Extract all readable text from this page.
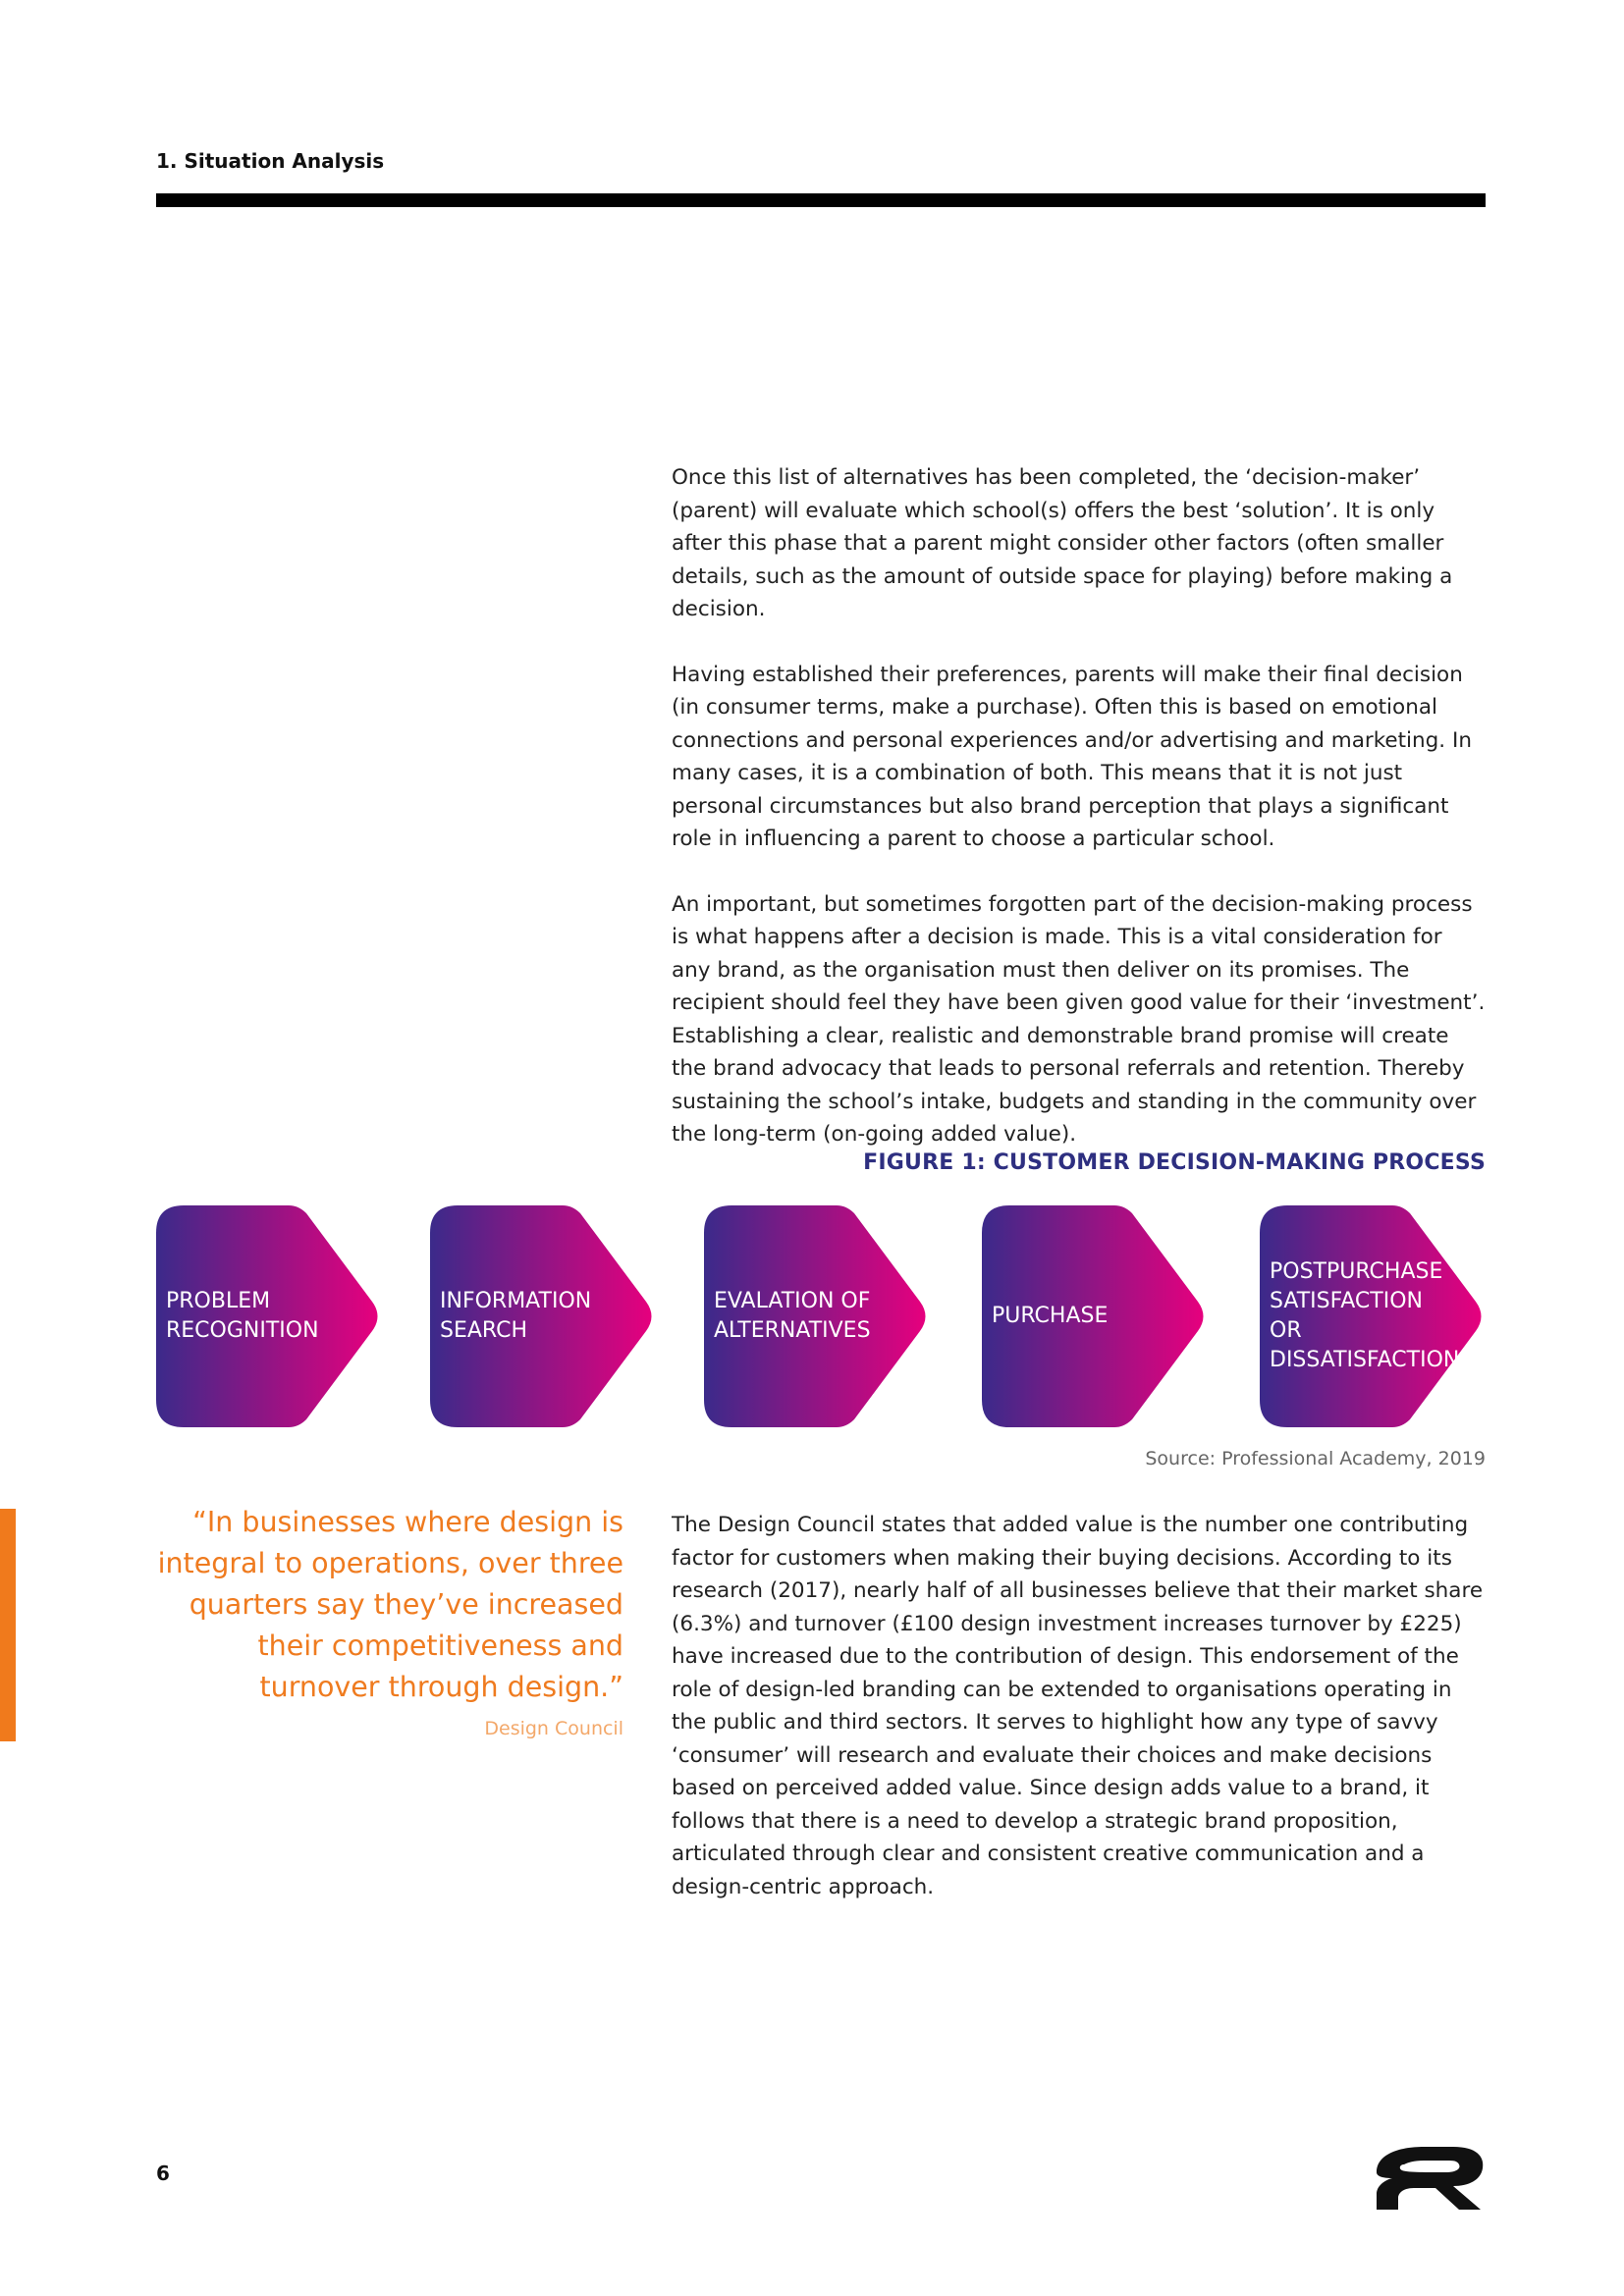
1. Situation Analysis

Once this list of alternatives has been completed, the ‘decision-maker’ (parent) will evaluate which school(s) offers the best ‘solution’. It is only after this phase that a parent might consider other factors (often smaller details, such as the amount of outside space for playing) before making a decision.

Having established their preferences, parents will make their final decision (in consumer terms, make a purchase). Often this is based on emotional connections and personal experiences and/or advertising and marketing. In many cases, it is a combination of both. This means that it is not just personal circumstances but also brand perception that plays a significant role in influencing a parent to choose a particular school.

An important, but sometimes forgotten part of the decision-making process is what happens after a decision is made. This is a vital consideration for any brand, as the organisation must then deliver on its promises. The recipient should feel they have been given good value for their ‘investment’. Establishing a clear, realistic and demonstrable brand promise will create the brand advocacy that leads to personal referrals and retention. Thereby sustaining the school’s intake, budgets and standing in the community over the long-term (on-going added value).

FIGURE 1: CUSTOMER DECISION-MAKING PROCESS
PROBLEM
RECOGNITION
INFORMATION
SEARCH
EVALATION OF
ALTERNATIVES
PURCHASE
POSTPURCHASE
SATISFACTION OR
DISSATISFACTION
Source: Professional Academy, 2019
“In businesses where design is integral to operations, over three quarters say they’ve increased their competitiveness and turnover through design.”
Design Council

The Design Council states that added value is the number one contributing factor for customers when making their buying decisions. According to its research (2017), nearly half of all businesses believe that their market share (6.3%) and turnover (£100 design investment increases turnover by £225) have increased due to the contribution of design. This endorsement of the role of design-led branding can be extended to organisations operating in the public and third sectors. It serves to highlight how any type of savvy ‘consumer’ will research and evaluate their choices and make decisions based on perceived added value. Since design adds value to a brand, it follows that there is a need to develop a strategic brand proposition, articulated through clear and consistent creative communication and a design-centric approach.

6
